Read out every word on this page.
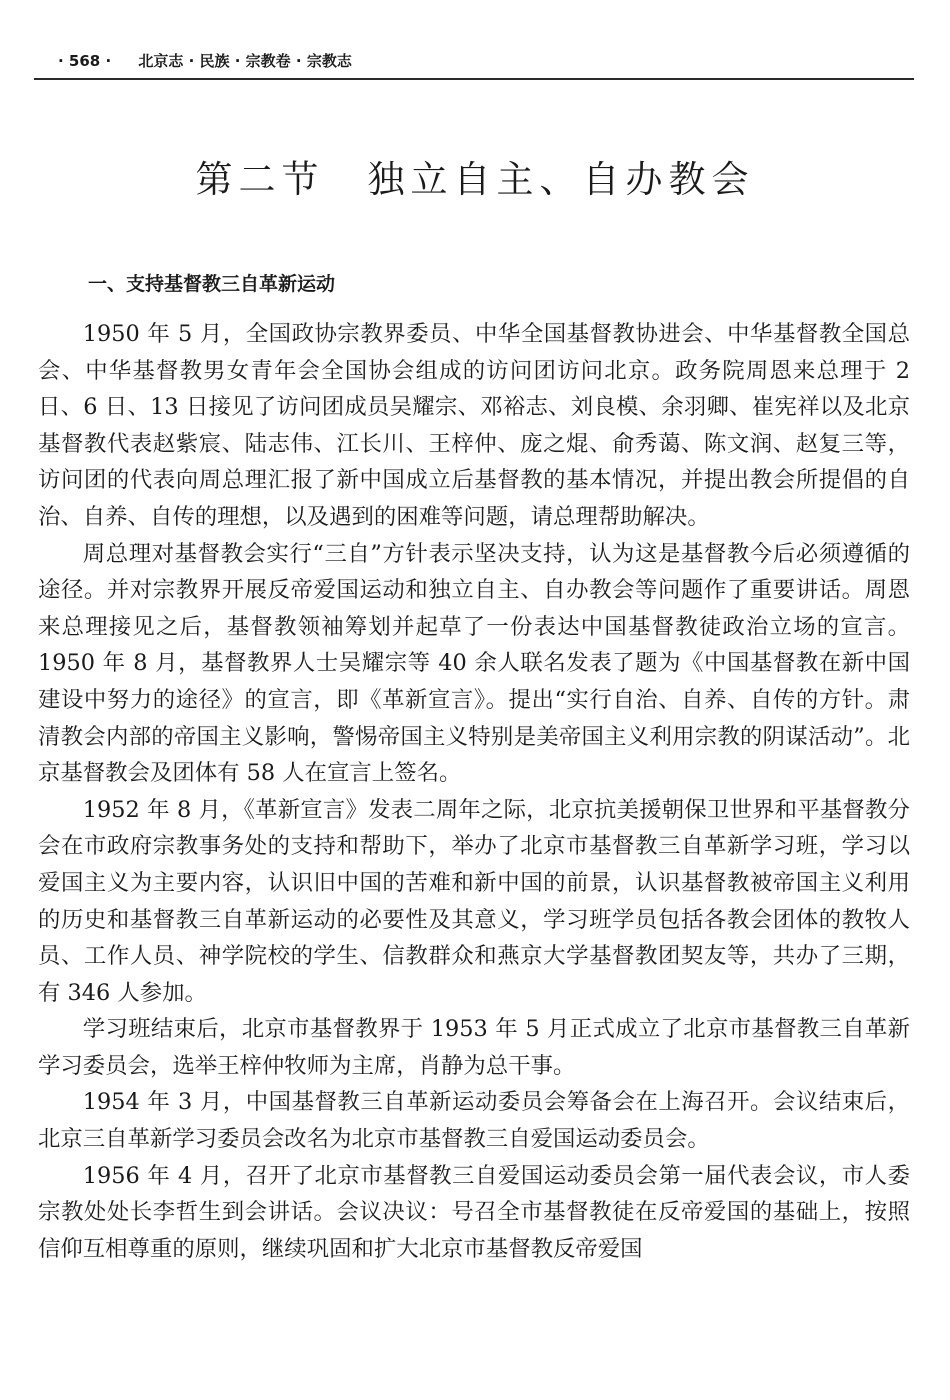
· 568 · 北京志 · 民族 · 宗教卷 · 宗教志
第二节　独立自主、自办教会
一、支持基督教三自革新运动

1950 年 5 月，全国政协宗教界委员、中华全国基督教协进会、中华基督教全国总会、中华基督教男女青年会全国协会组成的访问团访问北京。政务院周恩来总理于 2 日、6 日、13 日接见了访问团成员吴耀宗、邓裕志、刘良模、余羽卿、崔宪祥以及北京基督教代表赵紫宸、陆志伟、江长川、王梓仲、庞之焜、俞秀蔼、陈文润、赵复三等，访问团的代表向周总理汇报了新中国成立后基督教的基本情况，并提出教会所提倡的自治、自养、自传的理想，以及遇到的困难等问题，请总理帮助解决。

周总理对基督教会实行“三自”方针表示坚决支持，认为这是基督教今后必须遵循的途径。并对宗教界开展反帝爱国运动和独立自主、自办教会等问题作了重要讲话。周恩来总理接见之后，基督教领袖筹划并起草了一份表达中国基督教徒政治立场的宣言。1950 年 8 月，基督教界人士吴耀宗等 40 余人联名发表了题为《中国基督教在新中国建设中努力的途径》的宣言，即《革新宣言》。提出“实行自治、自养、自传的方针。肃清教会内部的帝国主义影响，警惕帝国主义特别是美帝国主义利用宗教的阴谋活动”。北京基督教会及团体有 58 人在宣言上签名。

1952 年 8 月，《革新宣言》发表二周年之际，北京抗美援朝保卫世界和平基督教分会在市政府宗教事务处的支持和帮助下，举办了北京市基督教三自革新学习班，学习以爱国主义为主要内容，认识旧中国的苦难和新中国的前景，认识基督教被帝国主义利用的历史和基督教三自革新运动的必要性及其意义，学习班学员包括各教会团体的教牧人员、工作人员、神学院校的学生、信教群众和燕京大学基督教团契友等，共办了三期，有 346 人参加。

学习班结束后，北京市基督教界于 1953 年 5 月正式成立了北京市基督教三自革新学习委员会，选举王梓仲牧师为主席，肖静为总干事。

1954 年 3 月，中国基督教三自革新运动委员会筹备会在上海召开。会议结束后，北京三自革新学习委员会改名为北京市基督教三自爱国运动委员会。

1956 年 4 月，召开了北京市基督教三自爱国运动委员会第一届代表会议，市人委宗教处处长李哲生到会讲话。会议决议：号召全市基督教徒在反帝爱国的基础上，按照信仰互相尊重的原则，继续巩固和扩大北京市基督教反帝爱国
